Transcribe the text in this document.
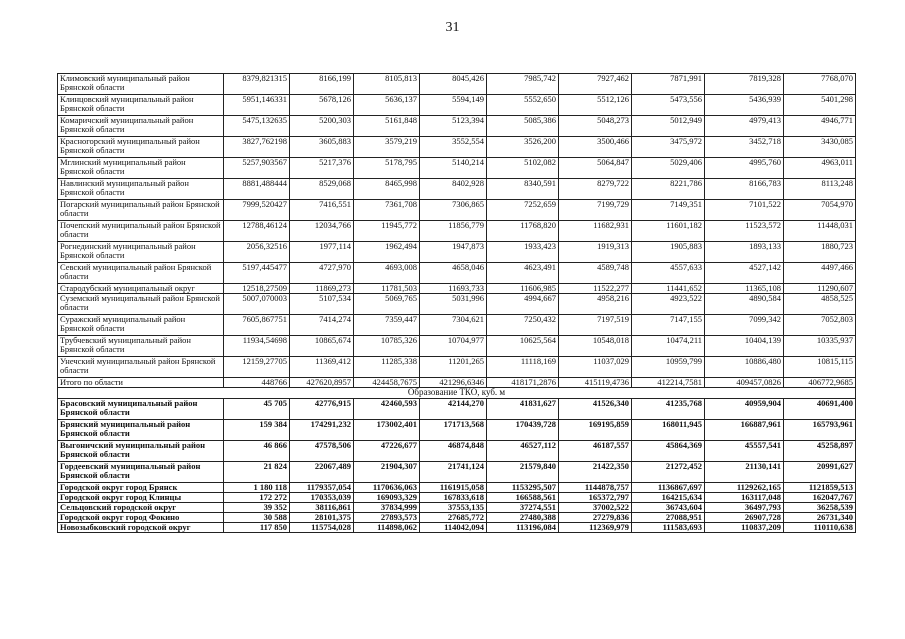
31
Климовский муниципальный район Брянской области	8379,821315	8166,199	8105,813	8045,426	7985,742	7927,462	7871,991	7819,328	7768,070
Клинцовский муниципальный район Брянской области	5951,146331	5678,126	5636,137	5594,149	5552,650	5512,126	5473,556	5436,939	5401,298
Комаричский муниципальный район Брянской области	5475,132635	5200,303	5161,848	5123,394	5085,386	5048,273	5012,949	4979,413	4946,771
Красногорский муниципальный район Брянской области	3827,762198	3605,883	3579,219	3552,554	3526,200	3500,466	3475,972	3452,718	3430,085
Мглинский муниципальный район Брянской области	5257,903567	5217,376	5178,795	5140,214	5102,082	5064,847	5029,406	4995,760	4963,011
Навлинский муниципальный район Брянской области	8881,488444	8529,068	8465,998	8402,928	8340,591	8279,722	8221,786	8166,783	8113,248
Погарский муниципальный район Брянской области	7999,520427	7416,551	7361,708	7306,865	7252,659	7199,729	7149,351	7101,522	7054,970
Почепский муниципальный район Брянской области	12788,46124	12034,766	11945,772	11856,779	11768,820	11682,931	11601,182	11523,572	11448,031
Рогнединский муниципальный район Брянской области	2056,32516	1977,114	1962,494	1947,873	1933,423	1919,313	1905,883	1893,133	1880,723
Севский муниципальный район Брянской области	5197,445477	4727,970	4693,008	4658,046	4623,491	4589,748	4557,633	4527,142	4497,466
Стародубский муниципальный округ	12518,27509	11869,273	11781,503	11693,733	11606,985	11522,277	11441,652	11365,108	11290,607
Суземский муниципальный район Брянской области	5007,070003	5107,534	5069,765	5031,996	4994,667	4958,216	4923,522	4890,584	4858,525
Суражский муниципальный район Брянской области	7605,867751	7414,274	7359,447	7304,621	7250,432	7197,519	7147,155	7099,342	7052,803
Трубчевский муниципальный район Брянской области	11934,54698	10865,674	10785,326	10704,977	10625,564	10548,018	10474,211	10404,139	10335,937
Унечский муниципальный район Брянской области	12159,27705	11369,412	11285,338	11201,265	11118,169	11037,029	10959,799	10886,480	10815,115
Итого по области	448766	427620,8957	424458,7675	421296,6346	418171,2876	415119,4736	412214,7581	409457,0826	406772,9685
Образование ТКО, куб. м									
Брасовский муниципальный район Брянской области	45 705	42776,915	42460,593	42144,270	41831,627	41526,340	41235,768	40959,904	40691,400
Брянский муниципальный район Брянской области	159 384	174291,232	173002,401	171713,568	170439,728	169195,859	168011,945	166887,961	165793,961
Выгоничский муниципальный район Брянской области	46 866	47578,506	47226,677	46874,848	46527,112	46187,557	45864,369	45557,541	45258,897
Гордеевский муниципальный район Брянской области	21 824	22067,489	21904,307	21741,124	21579,840	21422,350	21272,452	21130,141	20991,627
Городской округ город Брянск	1 180 118	1179357,054	1170636,063	1161915,058	1153295,507	1144878,757	1136867,697	1129262,165	1121859,513
Городской округ город Клинцы	172 272	170353,039	169093,329	167833,618	166588,561	165372,797	164215,634	163117,048	162047,767
Сельцовский городской округ	39 352	38116,861	37834,999	37553,135	37274,551	37002,522	36743,604	36497,793	36258,539
Городской округ город Фокино	30 588	28101,375	27893,573	27685,772	27480,388	27279,836	27088,951	26907,728	26731,340
Новозыбковский городской округ	117 850	115754,028	114898,062	114042,094	113196,084	112369,979	111583,693	110837,209	110110,638
